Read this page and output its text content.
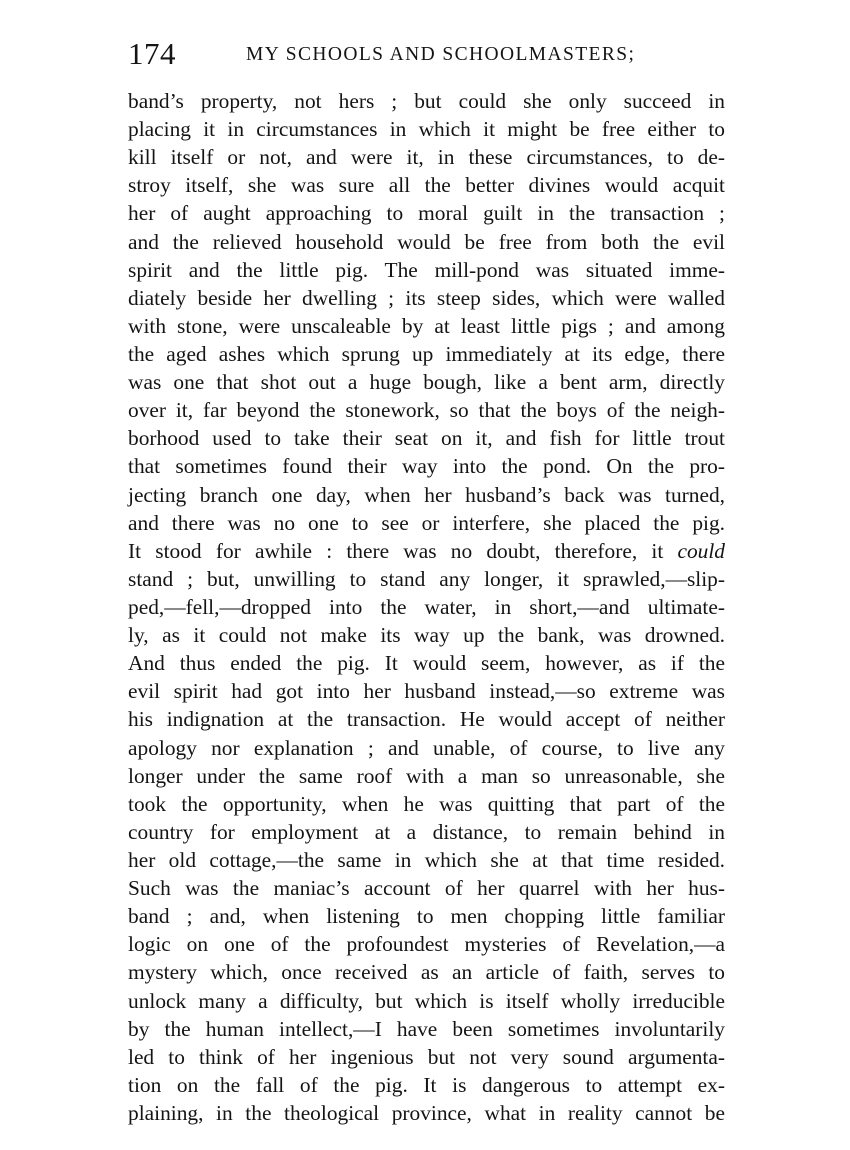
174	MY SCHOOLS AND SCHOOLMASTERS;
band’s property, not hers ; but could she only succeed in
placing it in circumstances in which it might be free either to
kill itself or not, and were it, in these circumstances, to de-
stroy itself, she was sure all the better divines would acquit
her of aught approaching to moral guilt in the transaction ;
and the relieved household would be free from both the evil
spirit and the little pig. The mill-pond was situated imme-
diately beside her dwelling ; its steep sides, which were walled
with stone, were unscaleable by at least little pigs ; and among
the aged ashes which sprung up immediately at its edge, there
was one that shot out a huge bough, like a bent arm, directly
over it, far beyond the stonework, so that the boys of the neigh-
borhood used to take their seat on it, and fish for little trout
that sometimes found their way into the pond. On the pro-
jecting branch one day, when her husband’s back was turned,
and there was no one to see or interfere, she placed the pig.
It stood for awhile : there was no doubt, therefore, it could
stand ; but, unwilling to stand any longer, it sprawled,—slip-
ped,—fell,—dropped into the water, in short,—and ultimate-
ly, as it could not make its way up the bank, was drowned.
And thus ended the pig. It would seem, however, as if the
evil spirit had got into her husband instead,—so extreme was
his indignation at the transaction. He would accept of neither
apology nor explanation ; and unable, of course, to live any
longer under the same roof with a man so unreasonable, she
took the opportunity, when he was quitting that part of the
country for employment at a distance, to remain behind in
her old cottage,—the same in which she at that time resided.
Such was the maniac’s account of her quarrel with her hus-
band ; and, when listening to men chopping little familiar
logic on one of the profoundest mysteries of Revelation,—a
mystery which, once received as an article of faith, serves to
unlock many a difficulty, but which is itself wholly irreducible
by the human intellect,—I have been sometimes involuntarily
led to think of her ingenious but not very sound argumenta-
tion on the fall of the pig. It is dangerous to attempt ex-
plaining, in the theological province, what in reality cannot be
